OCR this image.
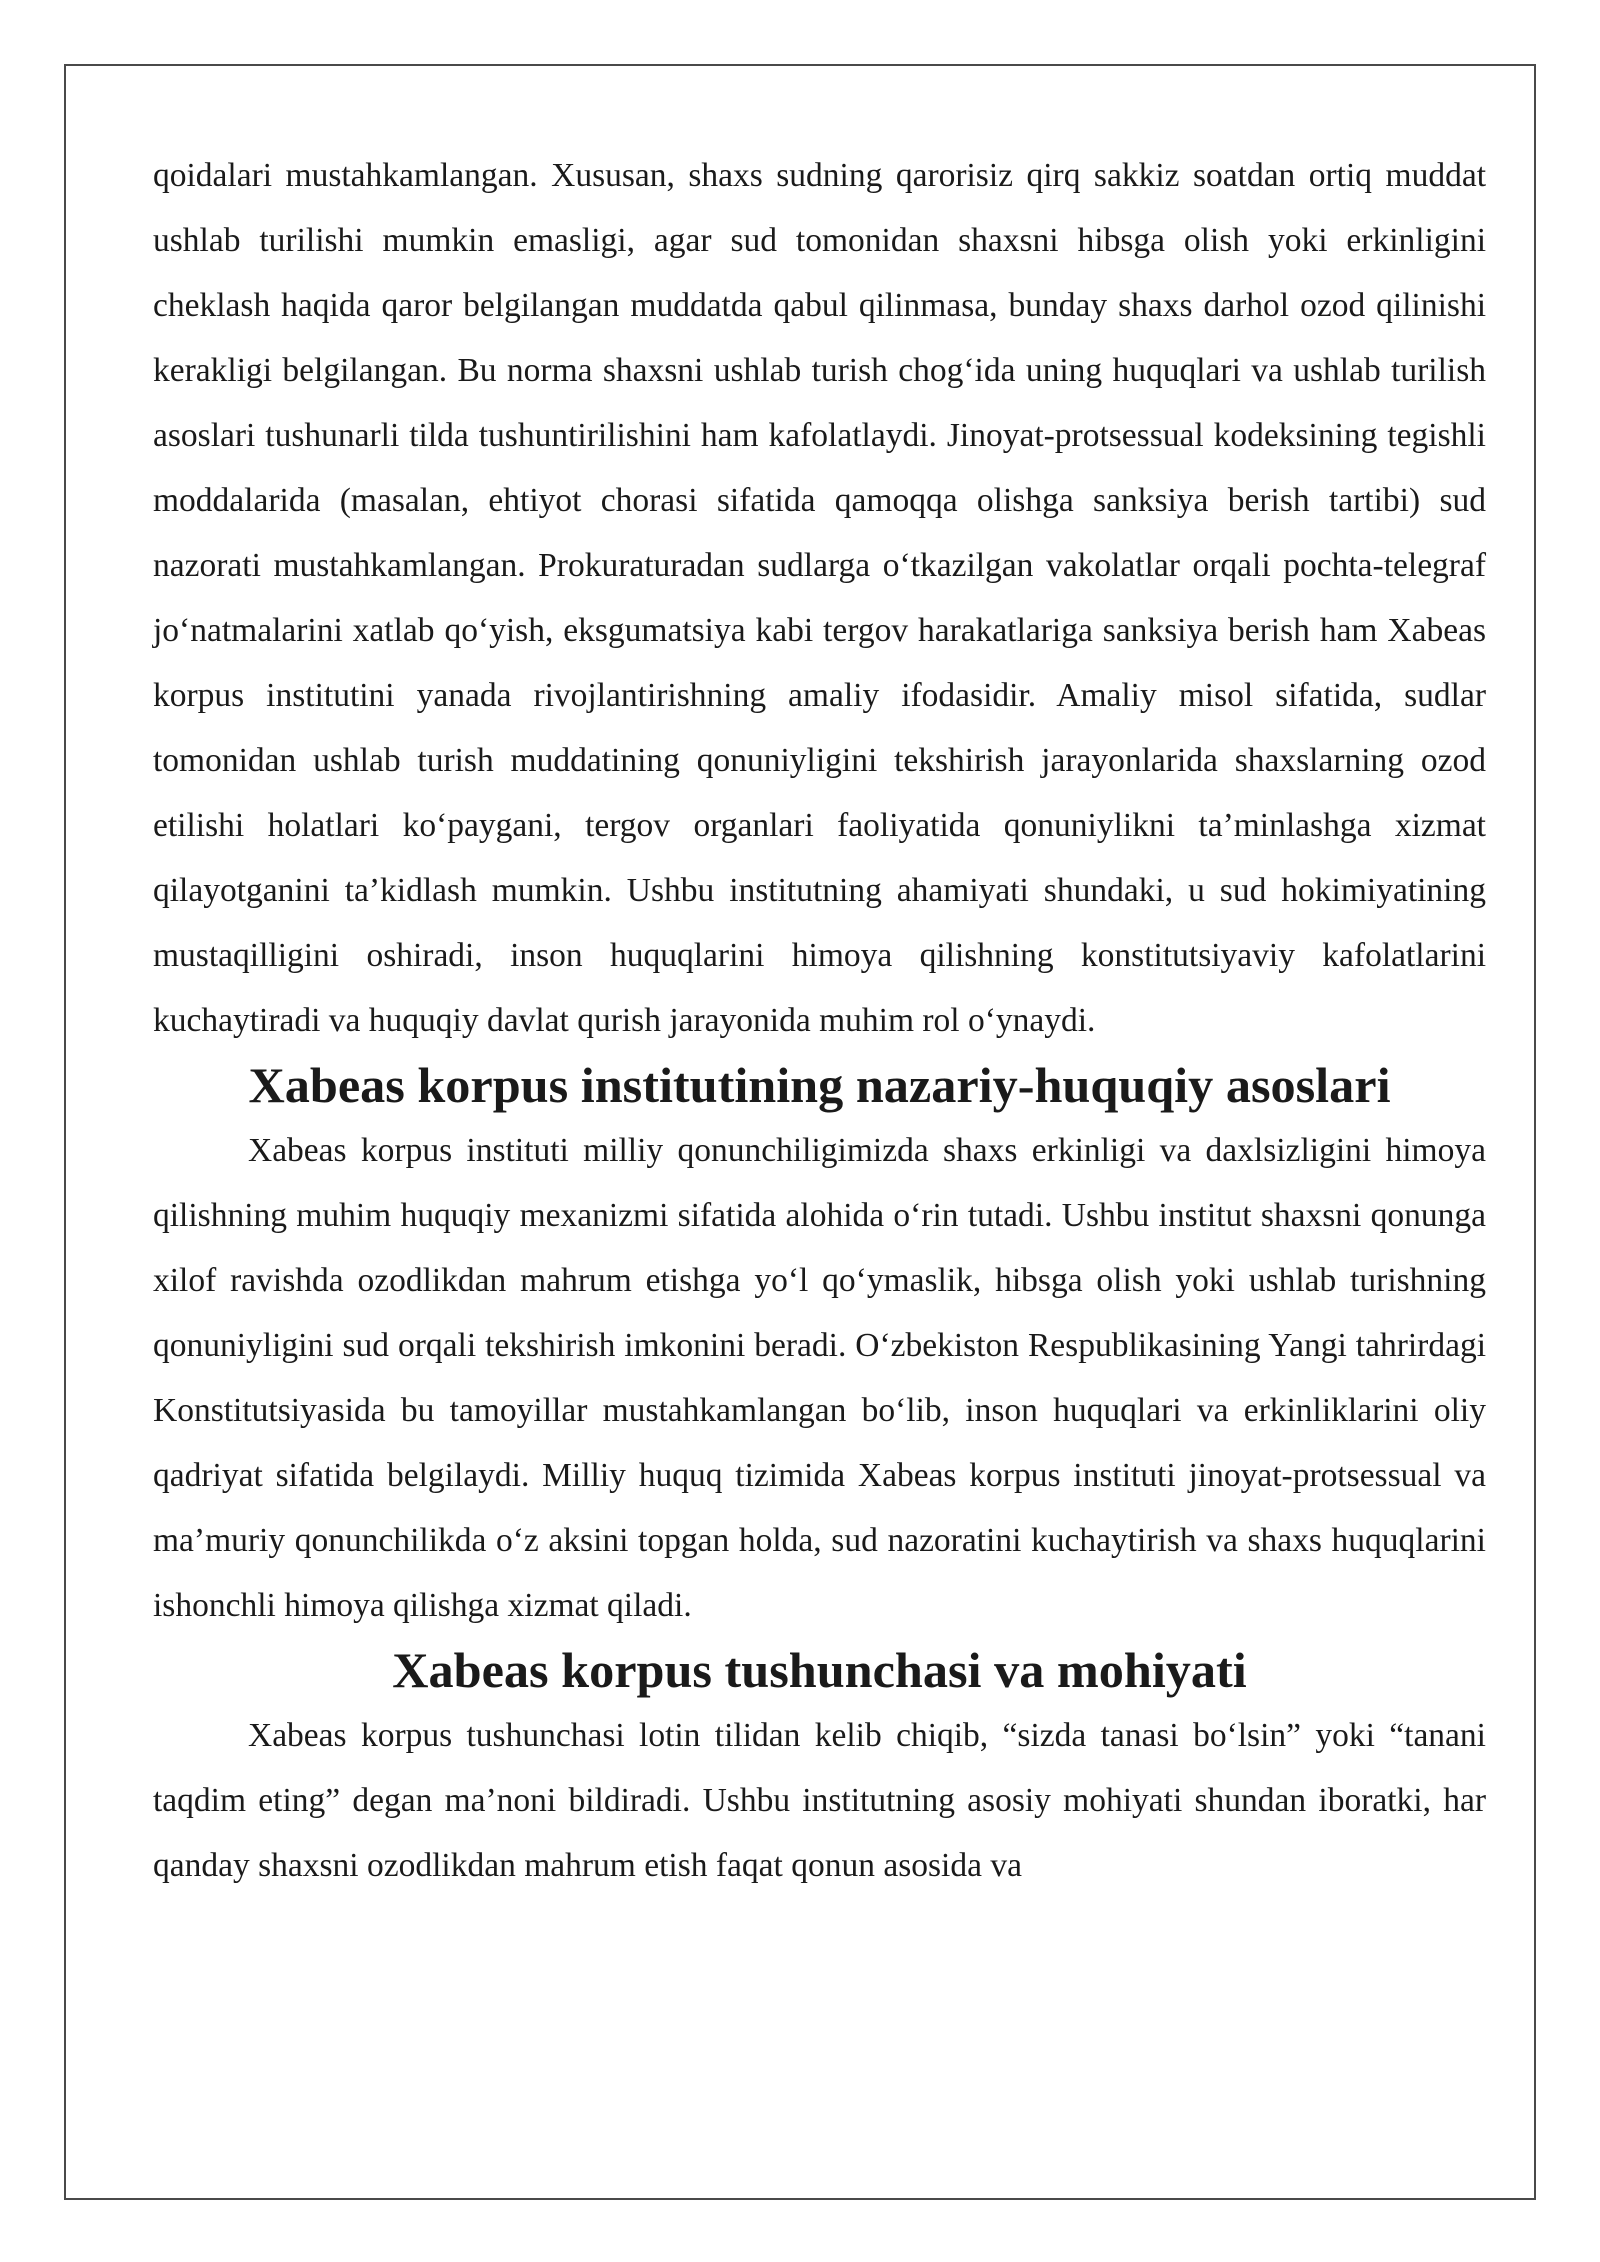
qoidalari mustahkamlangan. Xususan, shaxs sudning qarorisiz qirq sakkiz soatdan ortiq muddat ushlab turilishi mumkin emasligi, agar sud tomonidan shaxsni hibsga olish yoki erkinligini cheklash haqida qaror belgilangan muddatda qabul qilinmasa, bunday shaxs darhol ozod qilinishi kerakligi belgilangan. Bu norma shaxsni ushlab turish chog‘ida uning huquqlari va ushlab turilish asoslari tushunarli tilda tushuntirilishini ham kafolatlaydi. Jinoyat-protsessual kodeksining tegishli moddalarida (masalan, ehtiyot chorasi sifatida qamoqqa olishga sanksiya berish tartibi) sud nazorati mustahkamlangan. Prokuraturadan sudlarga o‘tkazilgan vakolatlar orqali pochta-telegraf jo‘natmalarini xatlab qo‘yish, eksgumatsiya kabi tergov harakatlariga sanksiya berish ham Xabeas korpus institutini yanada rivojlantirishning amaliy ifodasidir. Amaliy misol sifatida, sudlar tomonidan ushlab turish muddatining qonuniyligini tekshirish jarayonlarida shaxslarning ozod etilishi holatlari ko‘paygani, tergov organlari faoliyatida qonuniylikni ta’minlashga xizmat qilayotganini ta’kidlash mumkin. Ushbu institutning ahamiyati shundaki, u sud hokimiyatining mustaqilligini oshiradi, inson huquqlarini himoya qilishning konstitutsiyaviy kafolatlarini kuchaytiradi va huquqiy davlat qurish jarayonida muhim rol o‘ynaydi.

Xabeas korpus institutining nazariy-huquqiy asoslari

Xabeas korpus instituti milliy qonunchiligimizda shaxs erkinligi va daxlsizligini himoya qilishning muhim huquqiy mexanizmi sifatida alohida o‘rin tutadi. Ushbu institut shaxsni qonunga xilof ravishda ozodlikdan mahrum etishga yo‘l qo‘ymaslik, hibsga olish yoki ushlab turishning qonuniyligini sud orqali tekshirish imkonini beradi. O‘zbekiston Respublikasining Yangi tahrirdagi Konstitutsiyasida bu tamoyillar mustahkamlangan bo‘lib, inson huquqlari va erkinliklarini oliy qadriyat sifatida belgilaydi. Milliy huquq tizimida Xabeas korpus instituti jinoyat-protsessual va ma’muriy qonunchilikda o‘z aksini topgan holda, sud nazoratini kuchaytirish va shaxs huquqlarini ishonchli himoya qilishga xizmat qiladi.

Xabeas korpus tushunchasi va mohiyati

Xabeas korpus tushunchasi lotin tilidan kelib chiqib, “sizda tanasi bo‘lsin” yoki “tanani taqdim eting” degan ma’noni bildiradi. Ushbu institutning asosiy mohiyati shundan iboratki, har qanday shaxsni ozodlikdan mahrum etish faqat qonun asosida va
